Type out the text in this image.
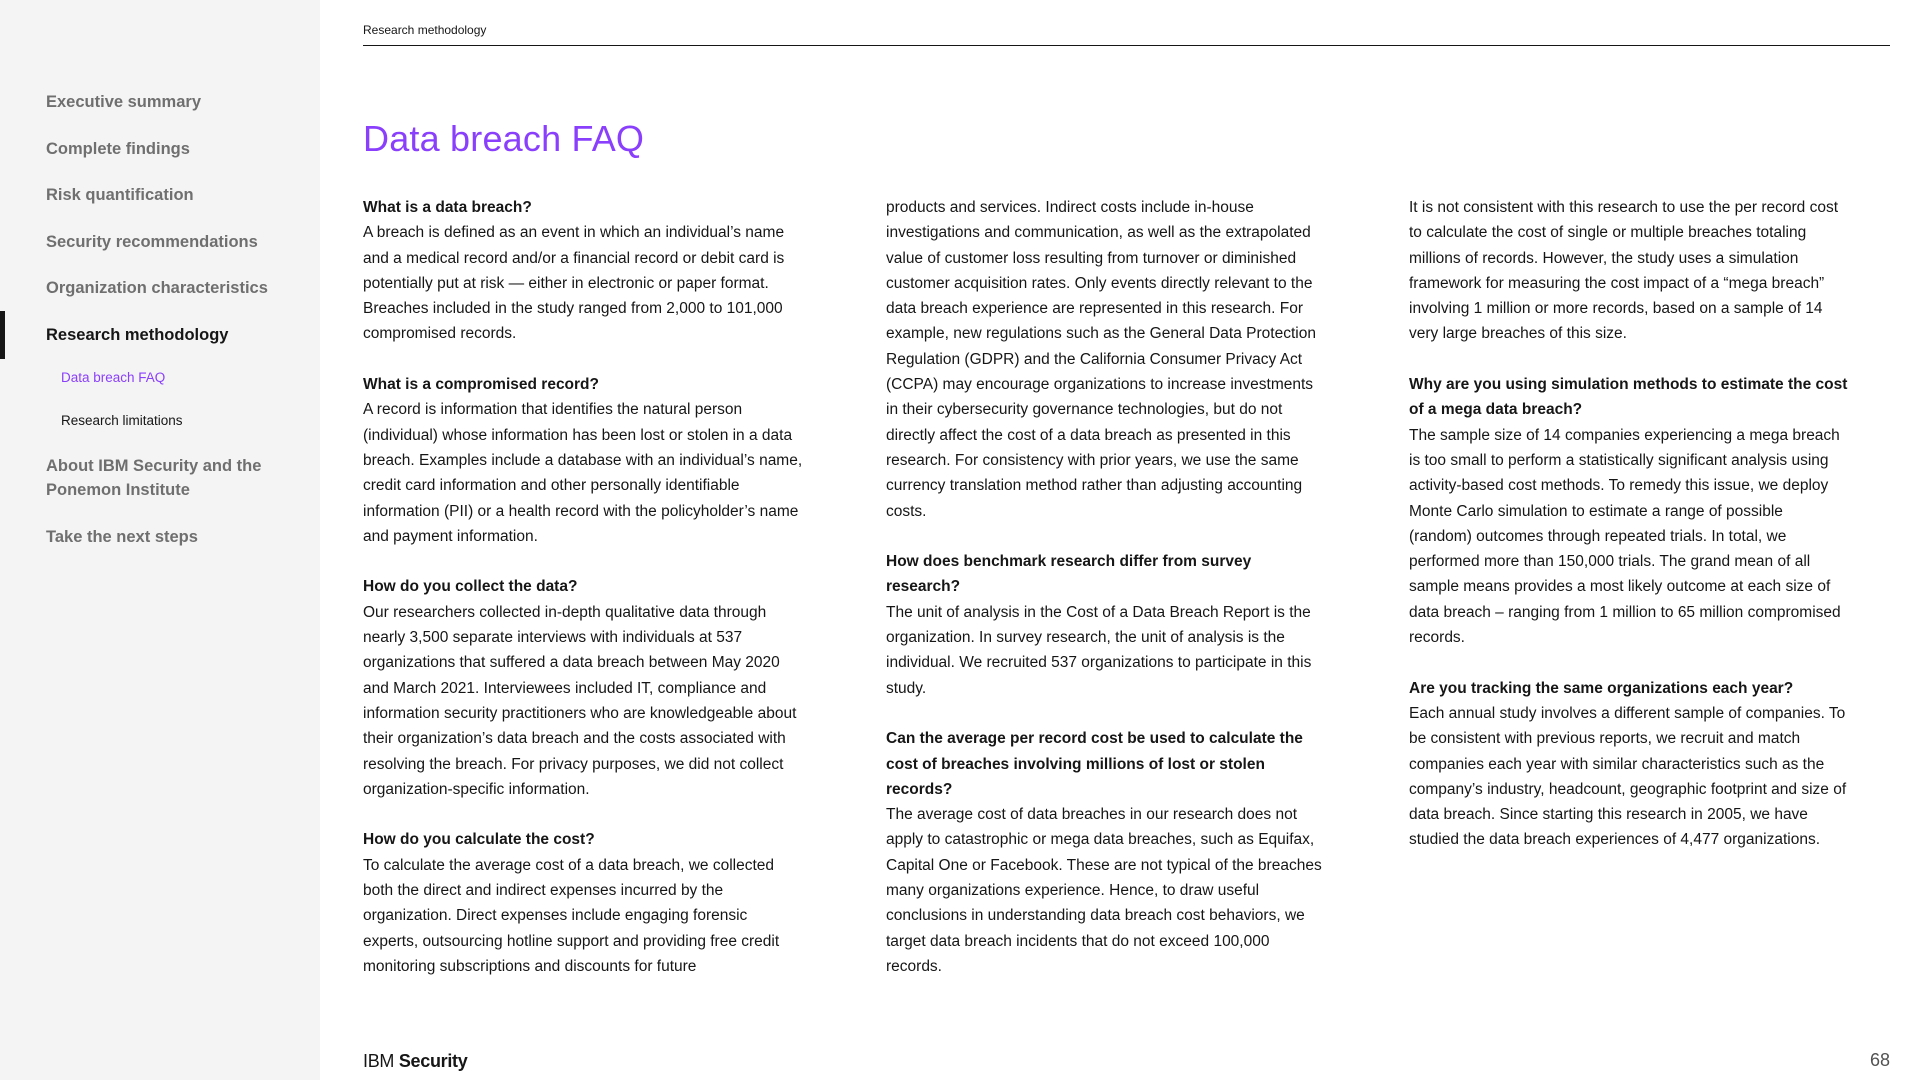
Executive summary
Complete findings
Risk quantification
Security recommendations
Organization characteristics
Research methodology
Data breach FAQ
Research limitations
About IBM Security and the Ponemon Institute
Take the next steps
Research methodology
Data breach FAQ

What is a data breach?
A breach is defined as an event in which an individual’s name and a medical record and/or a financial record or debit card is potentially put at risk — either in electronic or paper format. Breaches included in the study ranged from 2,000 to 101,000 compromised records.

What is a compromised record?
A record is information that identifies the natural person (individual) whose information has been lost or stolen in a data breach. Examples include a database with an individual’s name, credit card information and other personally identifiable information (PII) or a health record with the policyholder’s name and payment information.

How do you collect the data?
Our researchers collected in-depth qualitative data through nearly 3,500 separate interviews with individuals at 537 organizations that suffered a data breach between May 2020 and March 2021. Interviewees included IT, compliance and information security practitioners who are knowledgeable about their organization’s data breach and the costs associated with resolving the breach. For privacy purposes, we did not collect organization-specific information.

How do you calculate the cost?
To calculate the average cost of a data breach, we collected both the direct and indirect expenses incurred by the organization. Direct expenses include engaging forensic experts, outsourcing hotline support and providing free credit monitoring subscriptions and discounts for future

products and services. Indirect costs include in-house investigations and communication, as well as the extrapolated value of customer loss resulting from turnover or diminished customer acquisition rates. Only events directly relevant to the data breach experience are represented in this research. For example, new regulations such as the General Data Protection Regulation (GDPR) and the California Consumer Privacy Act (CCPA) may encourage organizations to increase investments in their cybersecurity governance technologies, but do not directly affect the cost of a data breach as presented in this research. For consistency with prior years, we use the same currency translation method rather than adjusting accounting costs.

How does benchmark research differ from survey research?
The unit of analysis in the Cost of a Data Breach Report is the organization. In survey research, the unit of analysis is the individual. We recruited 537 organizations to participate in this study.

Can the average per record cost be used to calculate the cost of breaches involving millions of lost or stolen records?
The average cost of data breaches in our research does not apply to catastrophic or mega data breaches, such as Equifax, Capital One or Facebook. These are not typical of the breaches many organizations experience. Hence, to draw useful conclusions in understanding data breach cost behaviors, we target data breach incidents that do not exceed 100,000 records.

It is not consistent with this research to use the per record cost to calculate the cost of single or multiple breaches totaling millions of records. However, the study uses a simulation framework for measuring the cost impact of a “mega breach” involving 1 million or more records, based on a sample of 14 very large breaches of this size.

Why are you using simulation methods to estimate the cost of a mega data breach?
The sample size of 14 companies experiencing a mega breach is too small to perform a statistically significant analysis using activity-based cost methods. To remedy this issue, we deploy Monte Carlo simulation to estimate a range of possible (random) outcomes through repeated trials. In total, we performed more than 150,000 trials. The grand mean of all sample means provides a most likely outcome at each size of data breach – ranging from 1 million to 65 million compromised records.

Are you tracking the same organizations each year?
Each annual study involves a different sample of companies. To be consistent with previous reports, we recruit and match companies each year with similar characteristics such as the company’s industry, headcount, geographic footprint and size of data breach. Since starting this research in 2005, we have studied the data breach experiences of 4,477 organizations.

IBM Security	68
